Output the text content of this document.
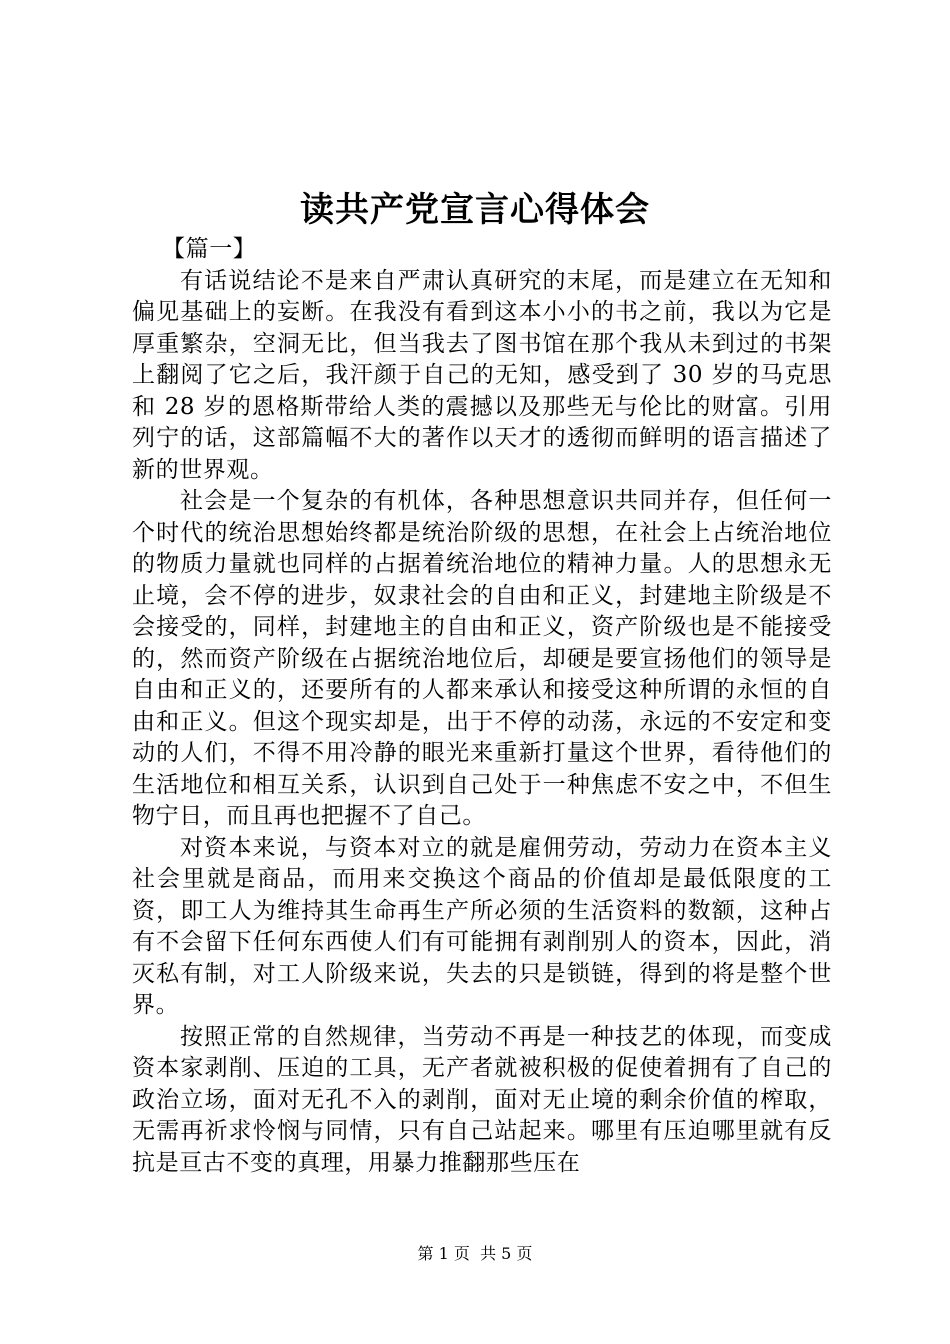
读共产党宣言心得体会

【篇一】

有话说结论不是来自严肃认真研究的末尾，而是建立在无知和偏见基础上的妄断。在我没有看到这本小小的书之前，我以为它是厚重繁杂，空洞无比，但当我去了图书馆在那个我从未到过的书架上翻阅了它之后，我汗颜于自己的无知，感受到了 30 岁的马克思和 28 岁的恩格斯带给人类的震撼以及那些无与伦比的财富。引用列宁的话，这部篇幅不大的著作以天才的透彻而鲜明的语言描述了新的世界观。

社会是一个复杂的有机体，各种思想意识共同并存，但任何一个时代的统治思想始终都是统治阶级的思想，在社会上占统治地位的物质力量就也同样的占据着统治地位的精神力量。人的思想永无止境，会不停的进步，奴隶社会的自由和正义，封建地主阶级是不会接受的，同样，封建地主的自由和正义，资产阶级也是不能接受的，然而资产阶级在占据统治地位后，却硬是要宣扬他们的领导是自由和正义的，还要所有的人都来承认和接受这种所谓的永恒的自由和正义。但这个现实却是，出于不停的动荡，永远的不安定和变动的人们，不得不用冷静的眼光来重新打量这个世界，看待他们的生活地位和相互关系，认识到自己处于一种焦虑不安之中，不但生物宁日，而且再也把握不了自己。

对资本来说，与资本对立的就是雇佣劳动，劳动力在资本主义社会里就是商品，而用来交换这个商品的价值却是最低限度的工资，即工人为维持其生命再生产所必须的生活资料的数额，这种占有不会留下任何东西使人们有可能拥有剥削别人的资本，因此，消灭私有制，对工人阶级来说，失去的只是锁链，得到的将是整个世界。

按照正常的自然规律，当劳动不再是一种技艺的体现，而变成资本家剥削、压迫的工具，无产者就被积极的促使着拥有了自己的政治立场，面对无孔不入的剥削，面对无止境的剩余价值的榨取，无需再祈求怜悯与同情，只有自己站起来。哪里有压迫哪里就有反抗是亘古不变的真理，用暴力推翻那些压在

第 1 页  共 5 页
